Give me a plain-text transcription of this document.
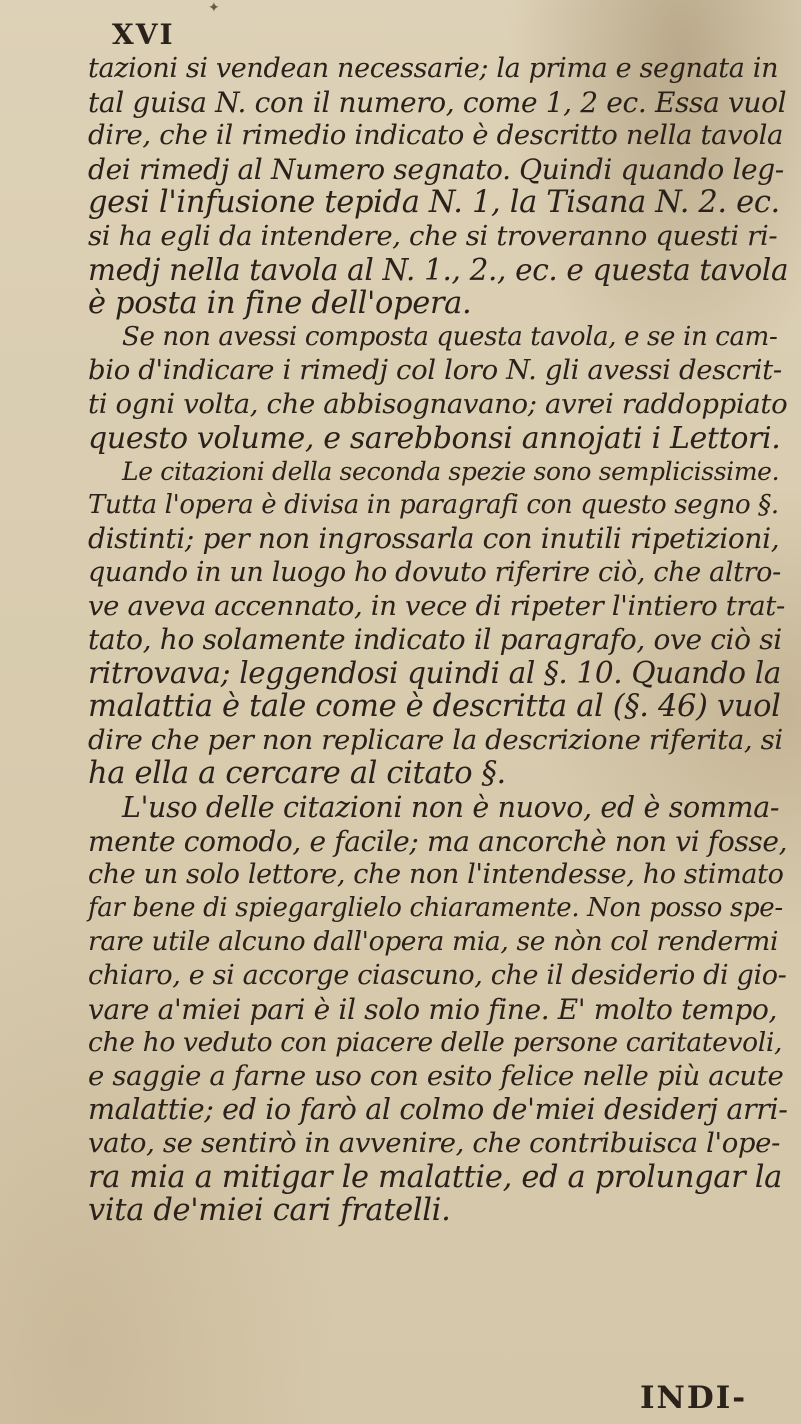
✦
XVI
tazioni si vendean necessarie; la prima e segnata in
tal guisa N. con il numero, come 1, 2 ec. Essa vuol
dire, che il rimedio indicato è descritto nella tavola
dei rimedj al Numero segnato. Quindi quando leg-
gesi l'infusione tepida N. 1, la Tisana N. 2. ec.
si ha egli da intendere, che si troveranno questi ri-
medj nella tavola al N. 1., 2., ec. e questa tavola
è posta in fine dell'opera.
Se non avessi composta questa tavola, e se in cam-
bio d'indicare i rimedj col loro N. gli avessi descrit-
ti ogni volta, che abbisognavano; avrei raddoppiato
questo volume, e sarebbonsi annojati i Lettori.
Le citazioni della seconda spezie sono semplicissime.
Tutta l'opera è divisa in paragrafi con questo segno §.
distinti; per non ingrossarla con inutili ripetizioni,
quando in un luogo ho dovuto riferire ciò, che altro-
ve aveva accennato, in vece di ripeter l'intiero trat-
tato, ho solamente indicato il paragrafo, ove ciò si
ritrovava; leggendosi quindi al §. 10. Quando la
malattia è tale come è descritta al (§. 46) vuol
dire che per non replicare la descrizione riferita, si
ha ella a cercare al citato §.
L'uso delle citazioni non è nuovo, ed è somma-
mente comodo, e facile; ma ancorchè non vi fosse,
che un solo lettore, che non l'intendesse, ho stimato
far bene di spiegarglielo chiaramente. Non posso spe-
rare utile alcuno dall'opera mia, se nòn col rendermi
chiaro, e si accorge ciascuno, che il desiderio di gio-
vare a'miei pari è il solo mio fine. E' molto tempo,
che ho veduto con piacere delle persone caritatevoli,
e saggie a farne uso con esito felice nelle più acute
malattie; ed io farò al colmo de'miei desiderj arri-
vato, se sentirò in avvenire, che contribuisca l'ope-
ra mia a mitigar le malattie, ed a prolungar la
vita de'miei cari fratelli.
INDI-
